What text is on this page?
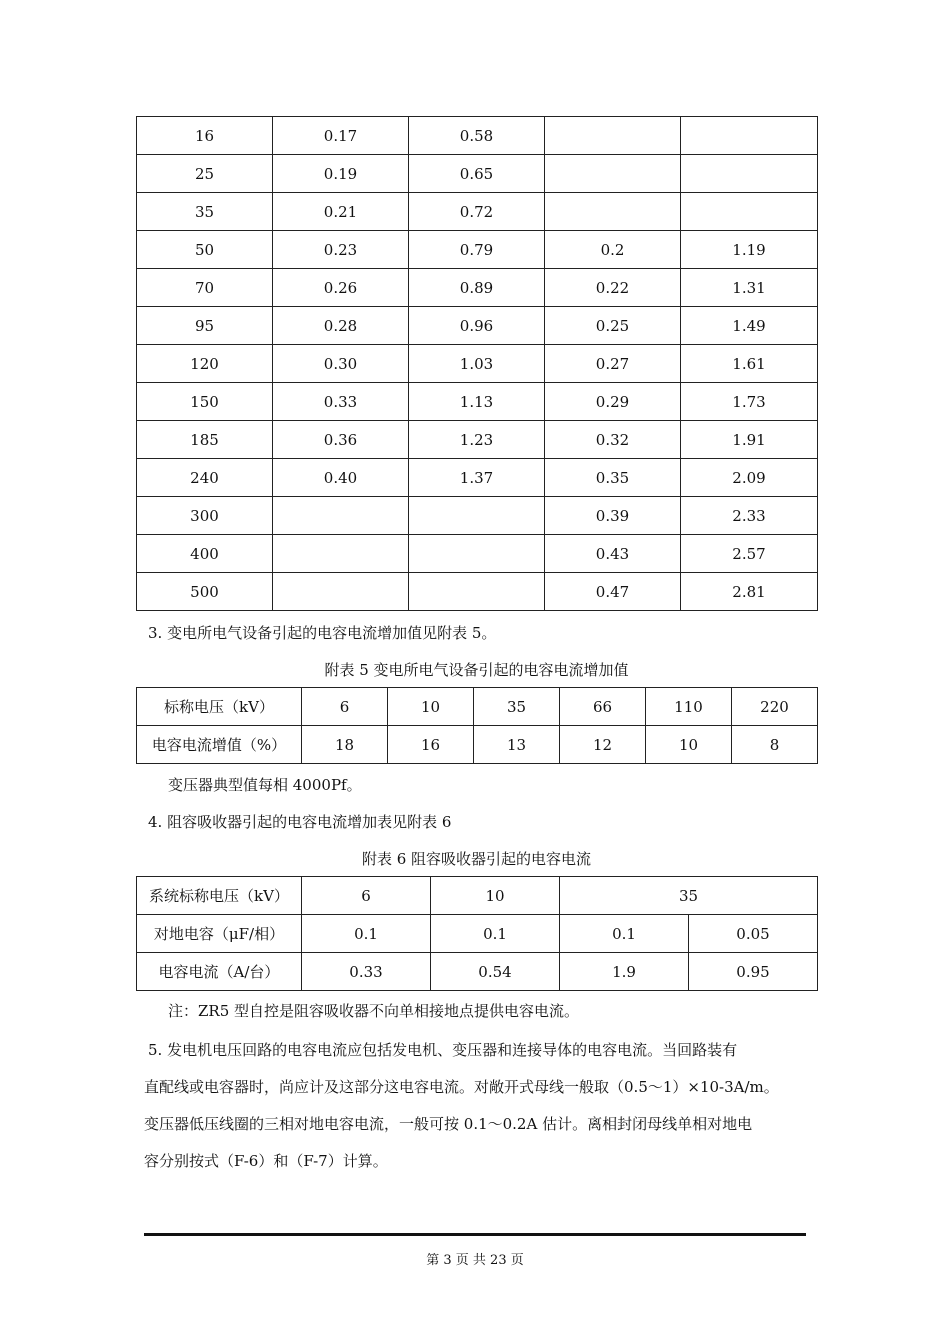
16	0.17	0.58		
25	0.19	0.65		
35	0.21	0.72		
50	0.23	0.79	0.2	1.19
70	0.26	0.89	0.22	1.31
95	0.28	0.96	0.25	1.49
120	0.30	1.03	0.27	1.61
150	0.33	1.13	0.29	1.73
185	0.36	1.23	0.32	1.91
240	0.40	1.37	0.35	2.09
300			0.39	2.33
400			0.43	2.57
500			0.47	2.81
3. 变电所电气设备引起的电容电流增加值见附表 5。
附表 5 变电所电气设备引起的电容电流增加值
标称电压（kV）	6	10	35	66	110	220
电容电流增值（%）	18	16	13	12	10	8
变压器典型值每相 4000Pf。
4. 阻容吸收器引起的电容电流增加表见附表 6
附表 6 阻容吸收器引起的电容电流
系统标称电压（kV）	6	10	35	
对地电容（μF/相）	0.1	0.1	0.1	0.05
电容电流（A/台）	0.33	0.54	1.9	0.95
注：ZR5 型自控是阻容吸收器不向单相接地点提供电容电流。
5. 发电机电压回路的电容电流应包括发电机、变压器和连接导体的电容电流。当回路装有
直配线或电容器时，尚应计及这部分这电容电流。对敞开式母线一般取（0.5～1）×10-3A/m。
变压器低压线圈的三相对地电容电流，一般可按 0.1～0.2A 估计。离相封闭母线单相对地电
容分别按式（F-6）和（F-7）计算。
第 3 页 共 23 页
